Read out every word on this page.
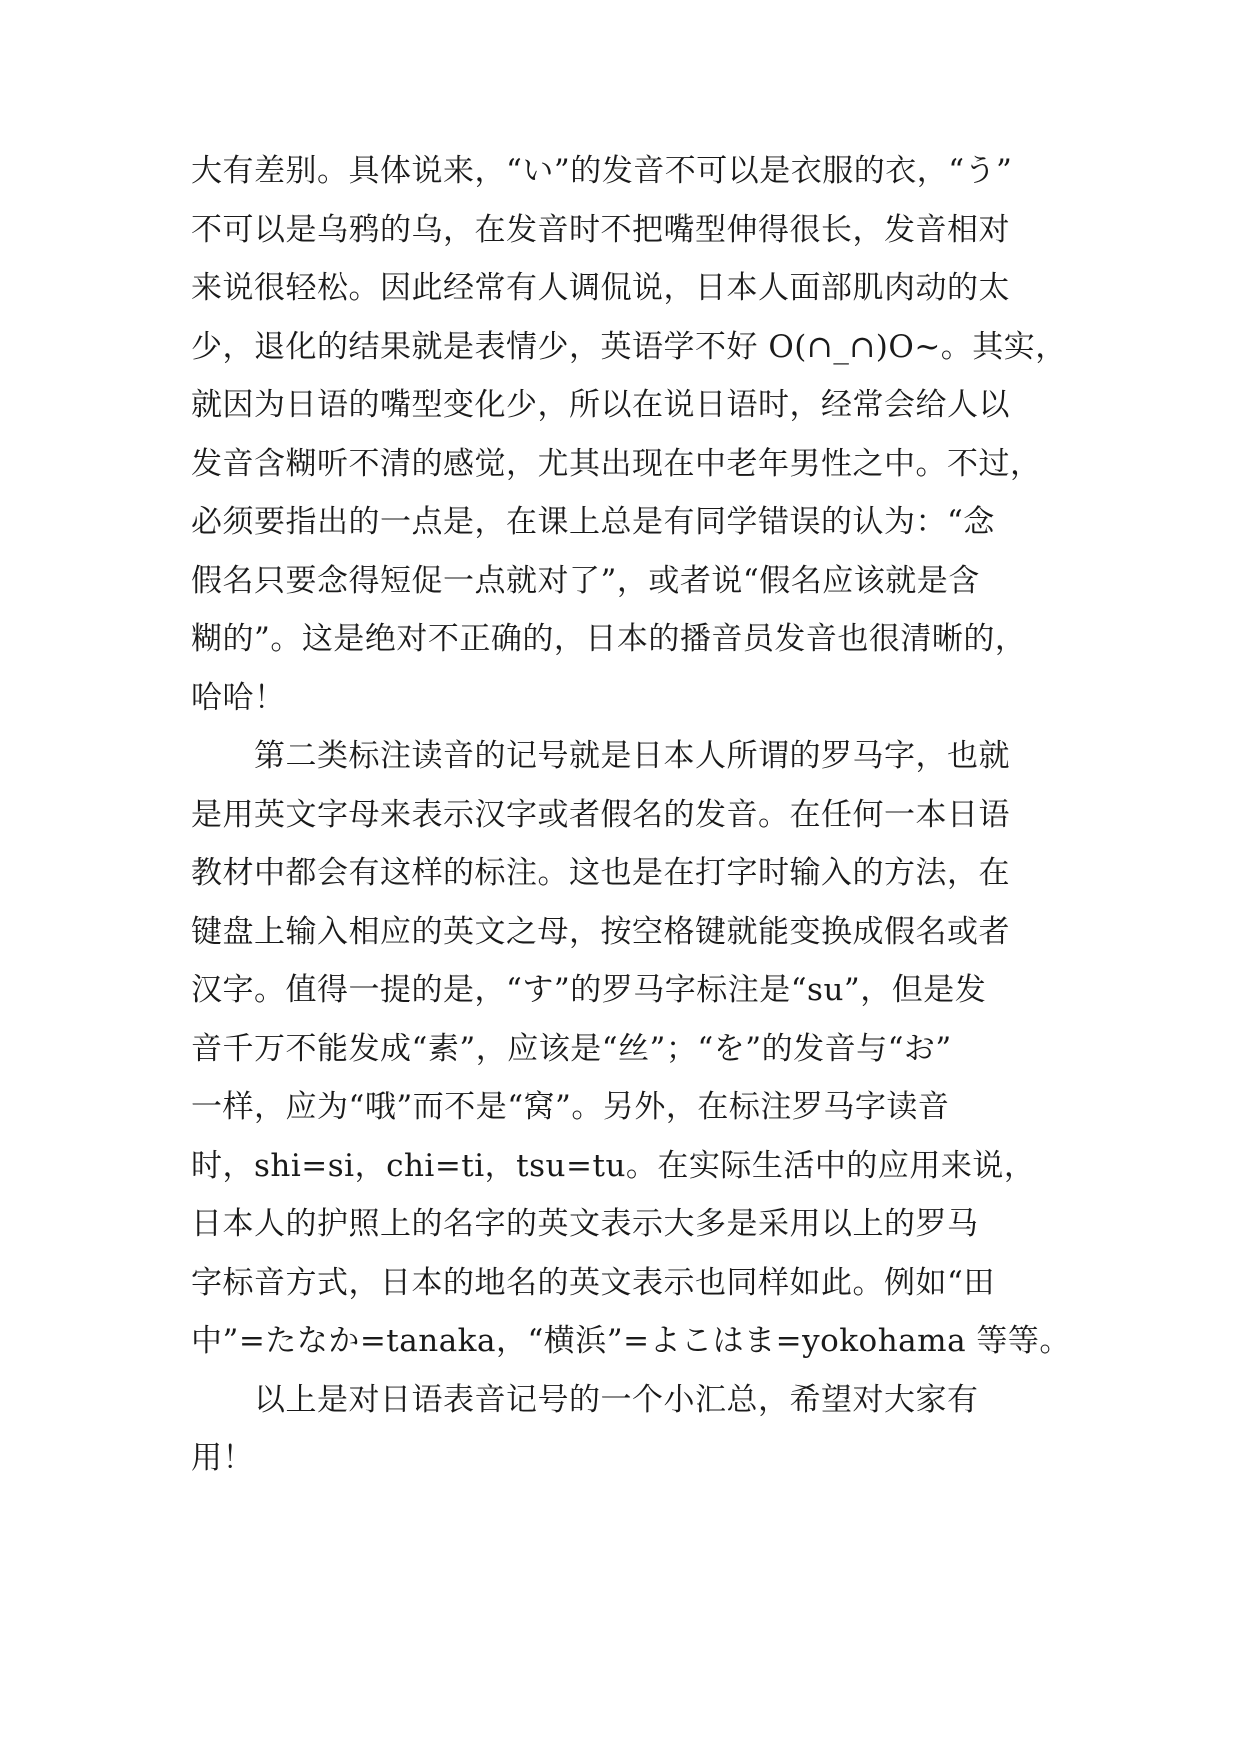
大有差别。具体说来，“い”的发音不可以是衣服的衣，“う”
不可以是乌鸦的乌，在发音时不把嘴型伸得很长，发音相对
来说很轻松。因此经常有人调侃说，日本人面部肌肉动的太
少，退化的结果就是表情少，英语学不好 O(∩_∩)O~。其实，
就因为日语的嘴型变化少，所以在说日语时，经常会给人以
发音含糊听不清的感觉，尤其出现在中老年男性之中。不过，
必须要指出的一点是，在课上总是有同学错误的认为：“念
假名只要念得短促一点就对了”，或者说“假名应该就是含
糊的”。这是绝对不正确的，日本的播音员发音也很清晰的，
哈哈！
　　第二类标注读音的记号就是日本人所谓的罗马字，也就
是用英文字母来表示汉字或者假名的发音。在任何一本日语
教材中都会有这样的标注。这也是在打字时输入的方法，在
键盘上输入相应的英文之母，按空格键就能变换成假名或者
汉字。值得一提的是，“す”的罗马字标注是“su”，但是发
音千万不能发成“素”，应该是“丝”；“を”的发音与“お”
一样，应为“哦”而不是“窝”。另外，在标注罗马字读音
时，shi=si，chi=ti，tsu=tu。在实际生活中的应用来说，
日本人的护照上的名字的英文表示大多是采用以上的罗马
字标音方式，日本的地名的英文表示也同样如此。例如“田
中”=たなか=tanaka，“横浜”=よこはま=yokohama 等等。
　　以上是对日语表音记号的一个小汇总，希望对大家有
用！
